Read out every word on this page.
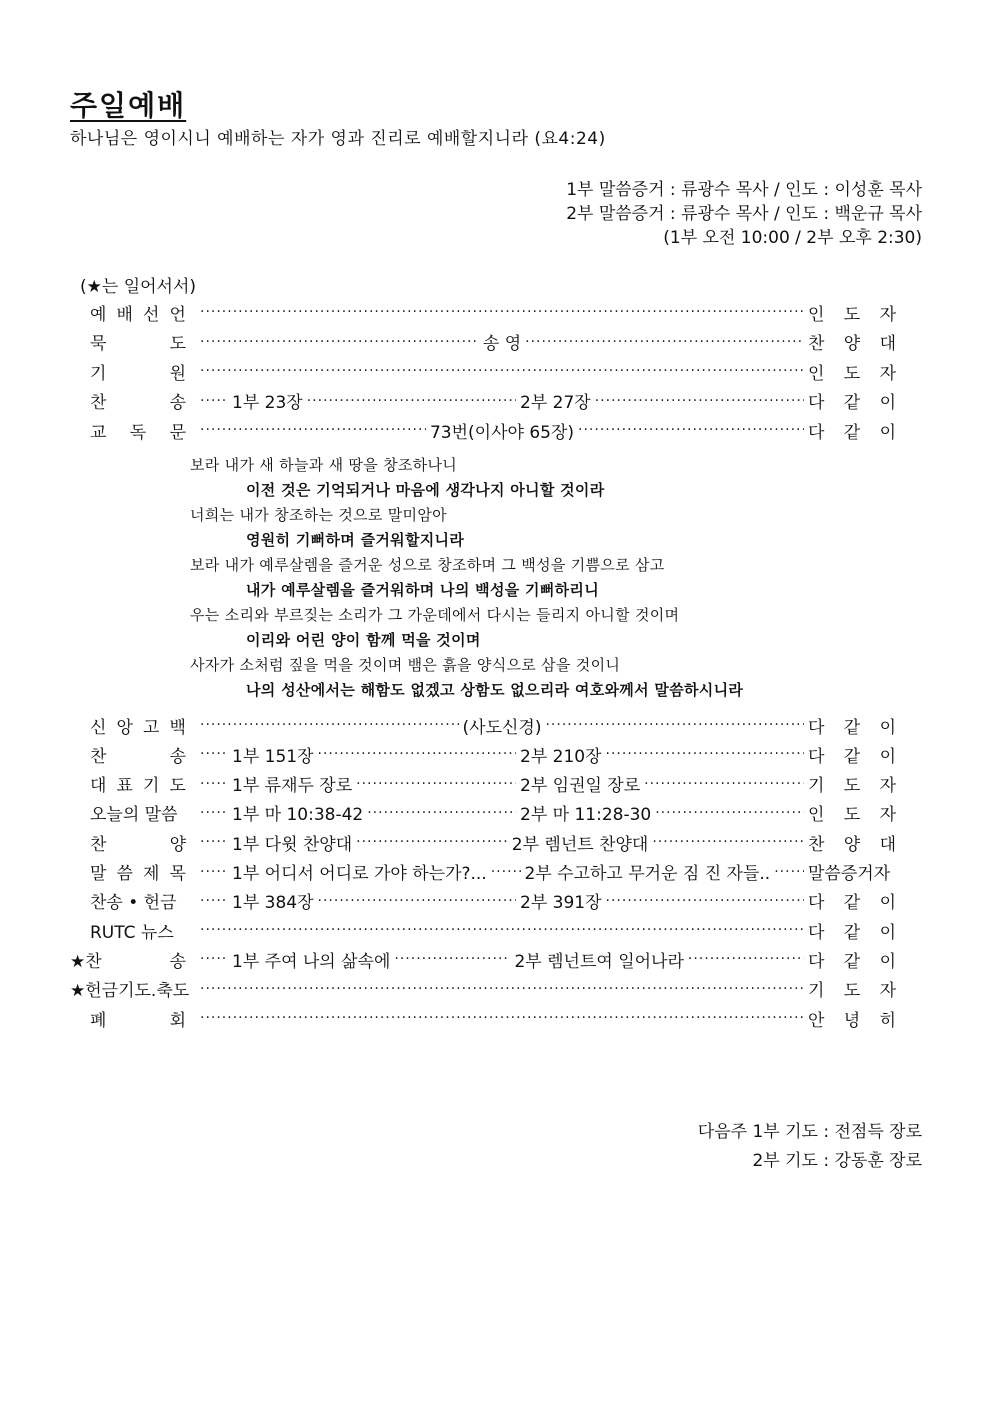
주일예배
하나님은 영이시니 예배하는 자가 영과 진리로 예배할지니라 (요4:24)
1부 말씀증거 : 류광수 목사 / 인도 : 이성훈 목사
2부 말씀증거 : 류광수 목사 / 인도 : 백운규 목사
(1부 오전 10:00 / 2부 오후 2:30)
(★는 일어서서)
예 배 선 언 ·····	인 도 자
묵	도 ·····	송 영 ·····	찬 양 대
기	원 ·····	인 도 자
찬	송 ·····	1부 23장 ·····	2부 27장 ·····	다 같 이
교 독 문 ·····	73번(이사야 65장) ·····	다 같 이
보라 내가 새 하늘과 새 땅을 창조하나니
이전 것은 기억되거나 마음에 생각나지 아니할 것이라
너희는 내가 창조하는 것으로 말미암아
영원히 기뻐하며 즐거워할지니라
보라 내가 예루살렘을 즐거운 성으로 창조하며 그 백성을 기쁨으로 삼고
내가 예루살렘을 즐거워하며 나의 백성을 기뻐하리니
우는 소리와 부르짖는 소리가 그 가운데에서 다시는 들리지 아니할 것이며
이리와 어린 양이 함께 먹을 것이며
사자가 소처럼 짚을 먹을 것이며 뱀은 흙을 양식으로 삼을 것이니
나의 성산에서는 해함도 없겠고 상함도 없으리라 여호와께서 말씀하시니라
신 앙 고 백 ·····	(사도신경) ·····	다 같 이
찬	송 ·····	1부 151장 ·····	2부 210장 ·····	다 같 이
대 표 기 도 ·····	1부 류재두 장로 ·····	2부 임권일 장로 ·····	기 도 자
오늘의 말씀 ·····	1부 마 10:38-42 ·····	2부 마 11:28-30 ·····	인 도 자
찬	양 ·····	1부 다윗 찬양대 ·····	2부 렘넌트 찬양대 ·····	찬 양 대
말 씀 제 목 ·····	1부 어디서 어디로 가야 하는가?... ····· 2부 수고하고 무거운 짐 진 자들.. ····· 말씀증거자
찬송 • 헌금 ·····	1부 384장 ·····	2부 391장 ·····	다 같 이
RUTC 뉴스 ·····	다 같 이
★찬	송 ·····	1부 주여 나의 삶속에 ·····	2부 렘넌트여 일어나라 ·····	다 같 이
★헌금기도.축도 ·····	기 도 자
폐	회 ·····	안 녕 히
다음주 1부 기도 : 전점득 장로
2부 기도 : 강동훈 장로
